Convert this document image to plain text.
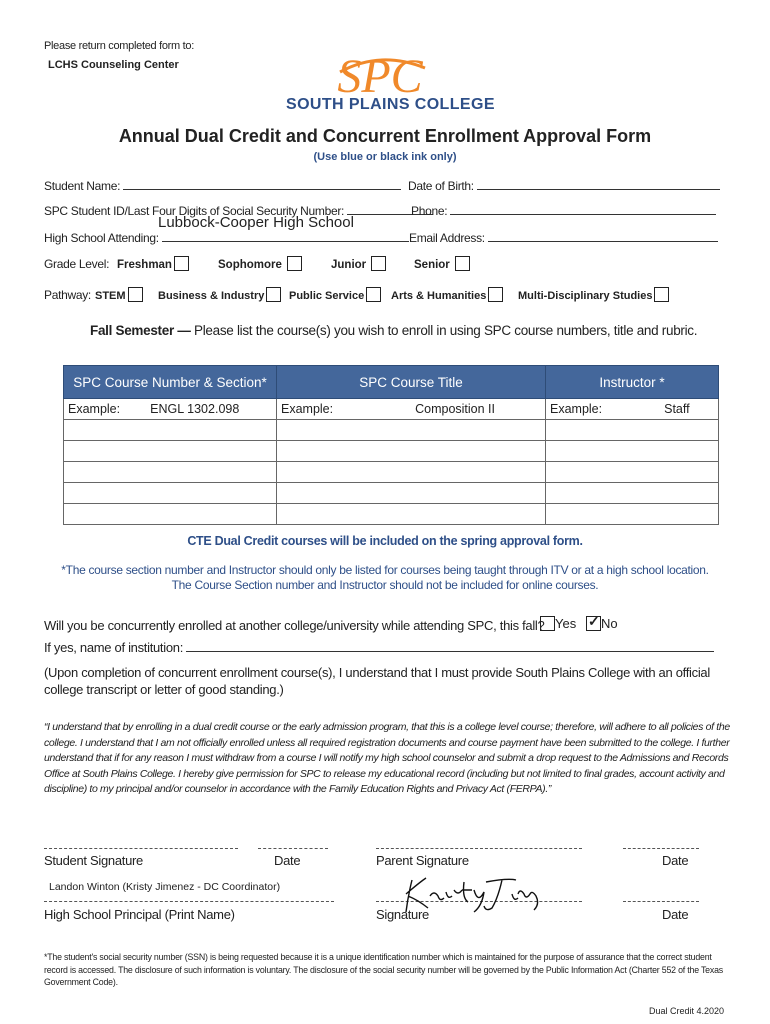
Please return completed form to:
LCHS Counseling Center	SPC
SOUTH PLAINS COLLEGE
Annual Dual Credit and Concurrent Enrollment Approval Form
(Use blue or black ink only)
Student Name:	Date of Birth:
SPC Student ID/Last Four Digits of Social Security Number:	Phone:
High School Attending:
Lubbock-Cooper High School
Email Address:
Grade Level: Freshman	Sophomore	Junior	Senior
Pathway: STEM	Business & Industry	Public Service	Arts & Humanities	Multi-Disciplinary Studies
Fall Semester — Please list the course(s) you wish to enroll in using SPC course numbers, title and rubric.
SPC Course Number & Section*	SPC Course Title	Instructor *
Example: ENGL 1302.098	Example: Composition II	Example: Staff

CTE Dual Credit courses will be included on the spring approval form.
*The course section number and Instructor should only be listed for courses being taught through ITV or at a high school location.
The Course Section number and Instructor should not be included for online courses.
Will you be concurrently enrolled at another college/university while attending SPC, this fall? Yes ✓	No
If yes, name of institution:
(Upon completion of concurrent enrollment course(s), I understand that I must provide South Plains College with an official college transcript or letter of good standing.)
“I understand that by enrolling in a dual credit course or the early admission program, that this is a college level course; therefore, will adhere to all policies of the college. I understand that I am not officially enrolled unless all required registration documents and course payment have been submitted to the college. I further understand that if for any reason I must withdraw from a course I will notify my high school counselor and submit a drop request to the Admissions and Records Office at South Plains College. I hereby give permission for SPC to release my educational record (including but not limited to final grades, account activity and discipline) to my principal and/or counselor in accordance with the Family Education Rights and Privacy Act (FERPA).”
Student Signature	Date	Parent Signature	Date
Landon Winton (Kristy Jimenez - DC Coordinator)
High School Principal (Print Name)	Signature	Date
*The student's social security number (SSN) is being requested because it is a unique identification number which is maintained for the purpose of assurance that the correct student record is accessed. The disclosure of such information is voluntary. The disclosure of the social security number will be governed by the Public Information Act (Charter 552 of the Texas Government Code).
Dual Credit 4.2020
